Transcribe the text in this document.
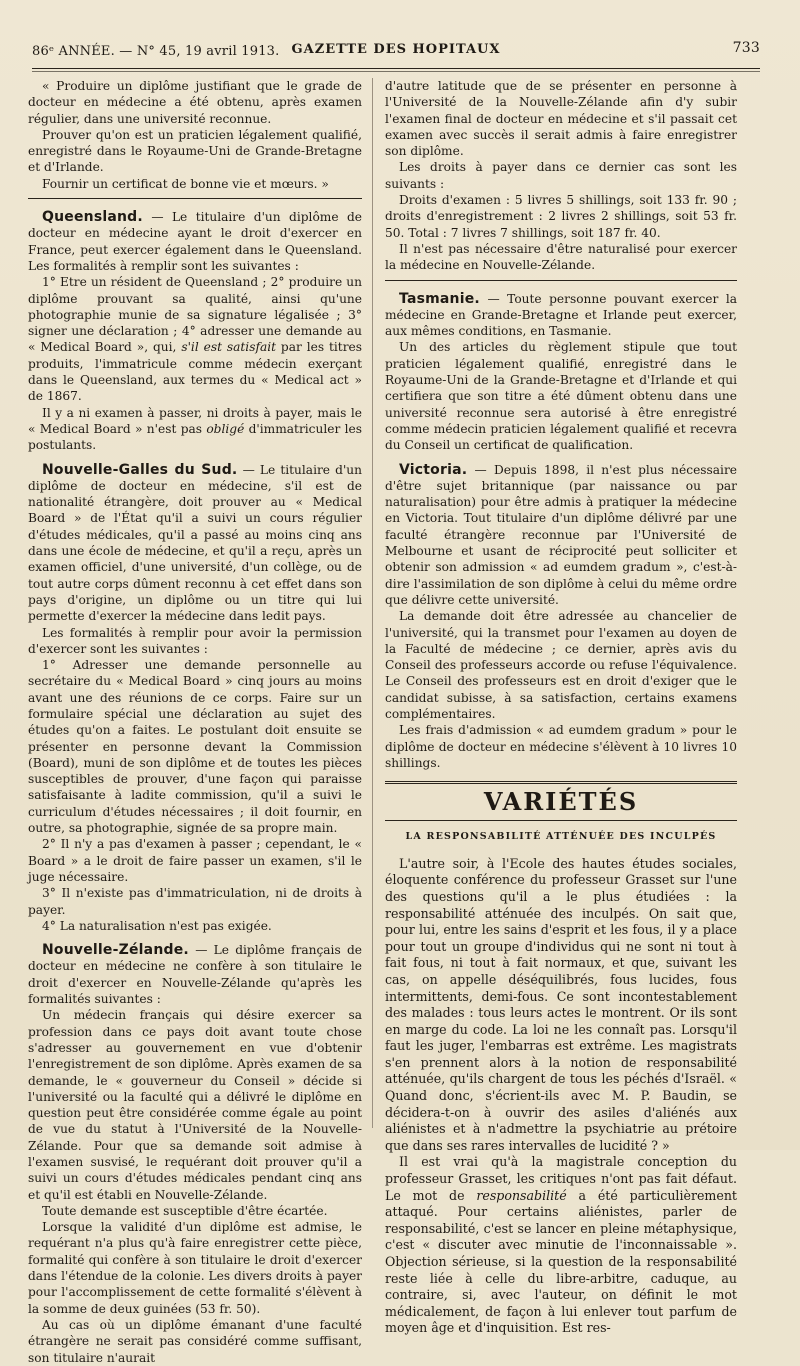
86ᵉ ANNÉE. — N° 45, 19 avril 1913. GAZETTE DES HOPITAUX	733

« Produire un diplôme justifiant que le grade de docteur en médecine a été obtenu, après examen régulier, dans une université reconnue.

Prouver qu'on est un praticien légalement qualifié, enregistré dans le Royaume-Uni de Grande-Bretagne et d'Irlande.

Fournir un certificat de bonne vie et mœurs. »

Queensland. — Le titulaire d'un diplôme de docteur en médecine ayant le droit d'exercer en France, peut exercer également dans le Queensland. Les formalités à remplir sont les suivantes :

1° Etre un résident de Queensland ; 2° produire un diplôme prouvant sa qualité, ainsi qu'une photographie munie de sa signature légalisée ; 3° signer une déclaration ; 4° adresser une demande au « Medical Board », qui, s'il est satisfait par les titres produits, l'immatricule comme médecin exerçant dans le Queensland, aux termes du « Medical act » de 1867.

Il y a ni examen à passer, ni droits à payer, mais le « Medical Board » n'est pas obligé d'immatriculer les postulants.

Nouvelle-Galles du Sud. — Le titulaire d'un diplôme de docteur en médecine, s'il est de nationalité étrangère, doit prouver au « Medical Board » de l'État qu'il a suivi un cours régulier d'études médicales, qu'il a passé au moins cinq ans dans une école de médecine, et qu'il a reçu, après un examen officiel, d'une université, d'un collège, ou de tout autre corps dûment reconnu à cet effet dans son pays d'origine, un diplôme ou un titre qui lui permette d'exercer la médecine dans ledit pays.

Les formalités à remplir pour avoir la permission d'exercer sont les suivantes :

1° Adresser une demande personnelle au secrétaire du « Medical Board » cinq jours au moins avant une des réunions de ce corps. Faire sur un formulaire spécial une déclaration au sujet des études qu'on a faites. Le postulant doit ensuite se présenter en personne devant la Commission (Board), muni de son diplôme et de toutes les pièces susceptibles de prouver, d'une façon qui paraisse satisfaisante à ladite commission, qu'il a suivi le curriculum d'études nécessaires ; il doit fournir, en outre, sa photographie, signée de sa propre main.

2° Il n'y a pas d'examen à passer ; cependant, le « Board » a le droit de faire passer un examen, s'il le juge nécessaire.

3° Il n'existe pas d'immatriculation, ni de droits à payer.

4° La naturalisation n'est pas exigée.

Nouvelle-Zélande. — Le diplôme français de docteur en médecine ne confère à son titulaire le droit d'exercer en Nouvelle-Zélande qu'après les formalités suivantes :

Un médecin français qui désire exercer sa profession dans ce pays doit avant toute chose s'adresser au gouvernement en vue d'obtenir l'enregistrement de son diplôme. Après examen de sa demande, le « gouverneur du Conseil » décide si l'université ou la faculté qui a délivré le diplôme en question peut être considérée comme égale au point de vue du statut à l'Université de la Nouvelle-Zélande. Pour que sa demande soit admise à l'examen susvisé, le requérant doit prouver qu'il a suivi un cours d'études médicales pendant cinq ans et qu'il est établi en Nouvelle-Zélande.

Toute demande est susceptible d'être écartée.

Lorsque la validité d'un diplôme est admise, le requérant n'a plus qu'à faire enregistrer cette pièce, formalité qui confère à son titulaire le droit d'exercer dans l'étendue de la colonie. Les divers droits à payer pour l'accomplissement de cette formalité s'élèvent à la somme de deux guinées (53 fr. 50).

Au cas où un diplôme émanant d'une faculté étrangère ne serait pas considéré comme suffisant, son titulaire n'aurait

d'autre latitude que de se présenter en personne à l'Université de la Nouvelle-Zélande afin d'y subir l'examen final de docteur en médecine et s'il passait cet examen avec succès il serait admis à faire enregistrer son diplôme.

Les droits à payer dans ce dernier cas sont les suivants :

Droits d'examen : 5 livres 5 shillings, soit 133 fr. 90 ; droits d'enregistrement : 2 livres 2 shillings, soit 53 fr. 50. Total : 7 livres 7 shillings, soit 187 fr. 40.

Il n'est pas nécessaire d'être naturalisé pour exercer la médecine en Nouvelle-Zélande.

Tasmanie. — Toute personne pouvant exercer la médecine en Grande-Bretagne et Irlande peut exercer, aux mêmes conditions, en Tasmanie.

Un des articles du règlement stipule que tout praticien légalement qualifié, enregistré dans le Royaume-Uni de la Grande-Bretagne et d'Irlande et qui certifiera que son titre a été dûment obtenu dans une université reconnue sera autorisé à être enregistré comme médecin praticien légalement qualifié et recevra du Conseil un certificat de qualification.

Victoria. — Depuis 1898, il n'est plus nécessaire d'être sujet britannique (par naissance ou par naturalisation) pour être admis à pratiquer la médecine en Victoria. Tout titulaire d'un diplôme délivré par une faculté étrangère reconnue par l'Université de Melbourne et usant de réciprocité peut solliciter et obtenir son admission « ad eumdem gradum », c'est-à-dire l'assimilation de son diplôme à celui du même ordre que délivre cette université.

La demande doit être adressée au chancelier de l'université, qui la transmet pour l'examen au doyen de la Faculté de médecine ; ce dernier, après avis du Conseil des professeurs accorde ou refuse l'équivalence. Le Conseil des professeurs est en droit d'exiger que le candidat subisse, à sa satisfaction, certains examens complémentaires.

Les frais d'admission « ad eumdem gradum » pour le diplôme de docteur en médecine s'élèvent à 10 livres 10 shillings.

VARIÉTÉS
LA RESPONSABILITÉ ATTÉNUÉE DES INCULPÉS

L'autre soir, à l'Ecole des hautes études sociales, éloquente conférence du professeur Grasset sur l'une des questions qu'il a le plus étudiées : la responsabilité atténuée des inculpés. On sait que, pour lui, entre les sains d'esprit et les fous, il y a place pour tout un groupe d'individus qui ne sont ni tout à fait fous, ni tout à fait normaux, et que, suivant les cas, on appelle déséquilibrés, fous lucides, fous intermittents, demi-fous. Ce sont incontestablement des malades : tous leurs actes le montrent. Or ils sont en marge du code. La loi ne les connaît pas. Lorsqu'il faut les juger, l'embarras est extrême. Les magistrats s'en prennent alors à la notion de responsabilité atténuée, qu'ils chargent de tous les péchés d'Israël. « Quand donc, s'écrient-ils avec M. P. Baudin, se décidera-t-on à ouvrir des asiles d'aliénés aux aliénistes et à n'admettre la psychiatrie au prétoire que dans ses rares intervalles de lucidité ? »

Il est vrai qu'à la magistrale conception du professeur Grasset, les critiques n'ont pas fait défaut. Le mot de responsabilité a été particulièrement attaqué. Pour certains aliénistes, parler de responsabilité, c'est se lancer en pleine métaphysique, c'est « discuter avec minutie de l'inconnaissable ». Objection sérieuse, si la question de la responsabilité reste liée à celle du libre-arbitre, caduque, au contraire, si, avec l'auteur, on définit le mot médicalement, de façon à lui enlever tout parfum de moyen âge et d'inquisition. Est res-
